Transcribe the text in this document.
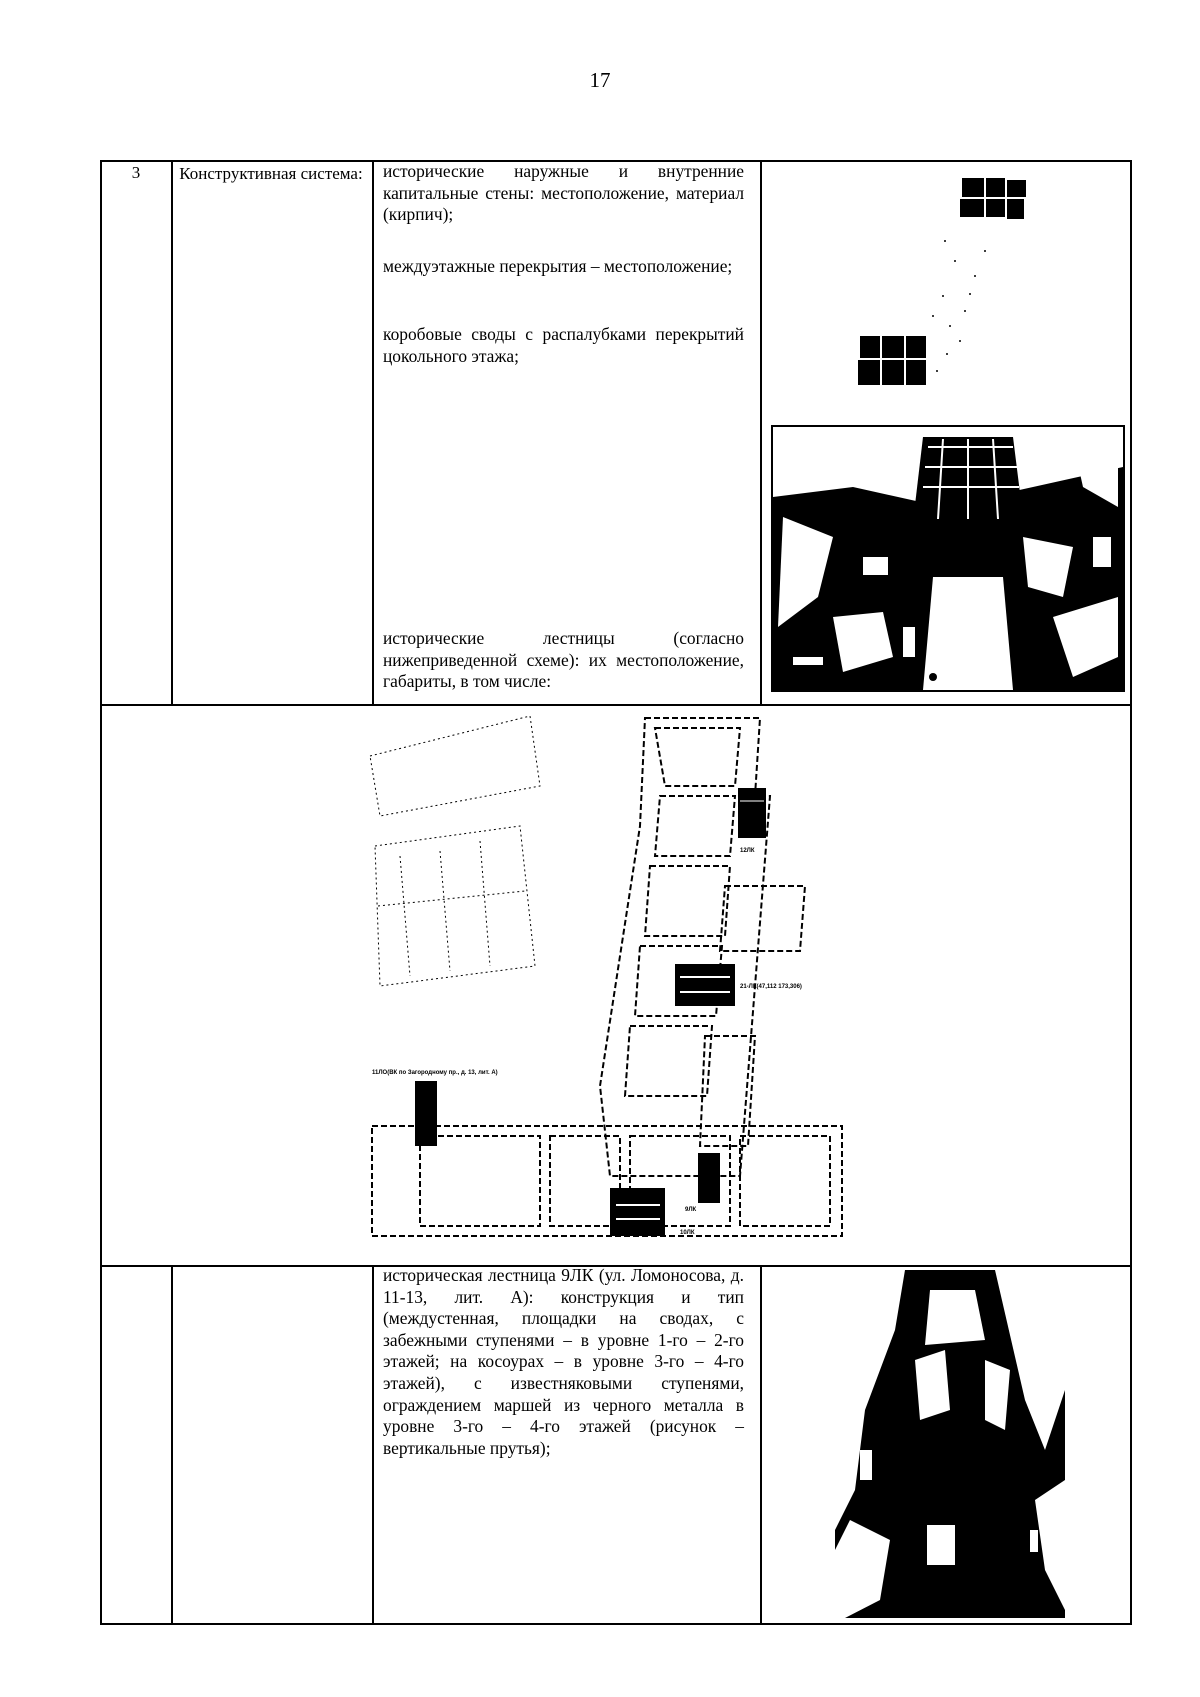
17
3	Конструктивная система:	исторические наружные и внутренние капитальные стены: местоположение, материал (кирпич);

междуэтажные перекрытия – местоположение;

коробовые своды с распалубками перекрытий цокольного этажа;

исторические лестницы (согласно нижеприведенной схеме): их местоположение, габариты, в том числе:

12ЛК
21-ЛК(47,112 173,306)
11ЛО(ВК по Загородному пр., д. 13, лит. А)
9ЛК
10ЛК

историческая лестница 9ЛК (ул. Ломоносова, д. 11-13, лит. А): конструкция и тип (междустенная, площадки на сводах, с забежными ступенями – в уровне 1-го – 2-го этажей; на косоурах – в уровне 3-го – 4-го этажей), с известняковыми ступенями, ограждением маршей из черного металла в уровне 3-го – 4-го этажей (рисунок – вертикальные прутья);
